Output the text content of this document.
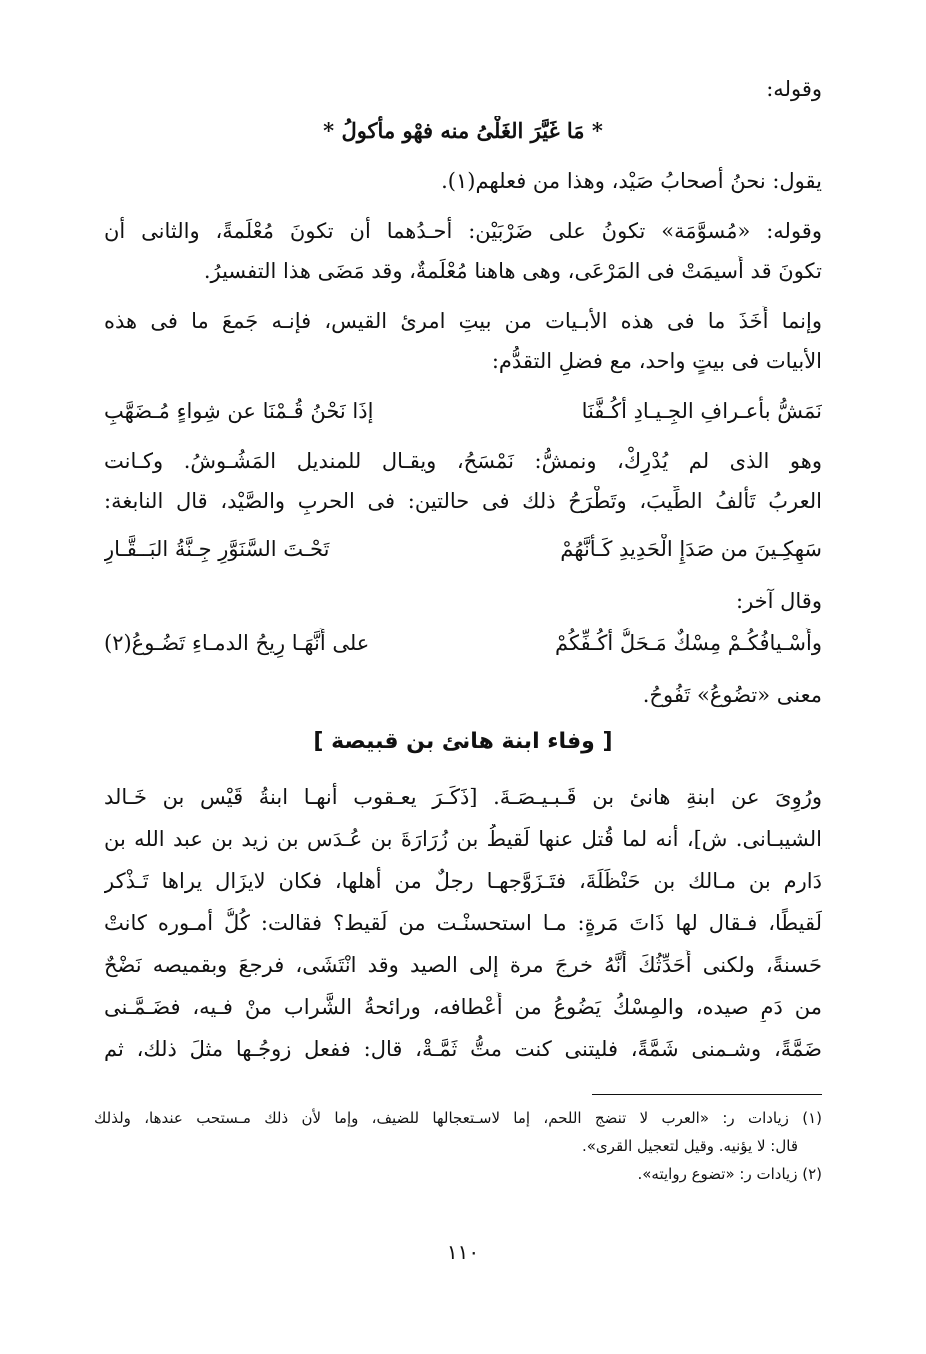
وقوله:
* مَا غَيَّرَ الغَلْىُ منه فهْو مأكولُ *
يقول: نحنُ أصحابُ صَيْد، وهذا من فعلهم(١).
وقوله: «مُسوَّمَة» تكونُ على ضَرْبَيْن: أحـدُهما أن تكونَ مُعْلَمةً، والثانى أن
تكونَ قد أُسيمَتْ فى المَرْعَى، وهى هاهنا مُعْلَمةٌ، وقد مَضَى هذا التفسيرُ.
وإنما أَخَذَ ما فى هذه الأبـيات من بيتِ امرئ القيس، فإنـه جَمعَ ما فى هذه
الأبيات فى بيتٍ واحد، مع فضلِ التقدُّم:
نَمَشُّ بأعـرافِ الجِـيـادِ أكُـفَّنَا
إذَا نَحْنُ قُـمْنَا عن شِواءٍ مُـضَهَّبِ
وهو الذى لم يُدْرِكْ، ونمشُّ: نَمْسَحُ، ويقـال للمنديل المَشُـوشُ. وكـانت
العربُ تَأْلفُ الطِّيبَ، وتَطْرَحُ ذلك فى حالتين: فى الحربِ والصَّيْد، قال النابغة:
سَهِكِـينَ من صَدَإِ الْحَدِيدِ كَـأَنَّهُمْ
تَحْـتَ السَّنَوَّرِ جِـنَّةُ البَــقَّـارِ
وقال آخر:
وأَسْـيافُكُـمْ مِسْكٌ مَـحَلُّ أكُـفِّكُمْ
على أَنَّهَـا رِيحُ الدمـاءِ تَضُـوعُ(٢)
معنى «تضُوعُ» تَفُوحُ.
[ وفاء ابنة هانئ بن قبيصة ]
ورُوِىَ عن ابنةِ هانئ بن قَـبـيـصَـةَ. [ذَكَـرَ يعـقوب أنهـا ابنةُ قَيْس بن خَـالد
الشيبـانى. ش]، أنه لما قُتل عنها لَقيطُ بن زُرَارَةَ بن عُـدَس بن زيد بن عبد الله بن
دَارم بن مـالك بن حَنْظَلَةَ، فتَـزَوَّجهـا رجلٌ من أهلها، فكان لايزَال يراها تَـذْكر
لَقيطًا، فـقال لها ذَاتَ مَرةٍ: مـا استحسنْـت من لَقيط؟ فقالت: كُلُّ أمـوره كانتْ
حَسنةً، ولكنى أُحَدِّثُكَ أَنَّهُ خرجَ مرة إلى الصيد وقد انْتَشَى، فرجعَ وبقميصه نَضْحٌ
من دَمِ صيده، والمِسْكُ يَضُوعُ من أَعْطافه، ورائحةُ الشَّراب منْ فـيه، فضَـمَّـنى
ضَمَّةً، وشـمنى شَمَّةً، فليتنى كنت متُّ ثَمَّـةْ، قال: ففعل زوجُـها مثلَ ذلك، ثم
(١) زيادات ر: «العرب لا تنضج اللحم، إما لاسـتعجالها للضيف، وإما لأن ذلك مـستحب عندها، ولذلك
قال: لا يؤنيه. وقيل لتعجيل القرى».
(٢) زيادات ر: «تضوع روايته».
١١٠
